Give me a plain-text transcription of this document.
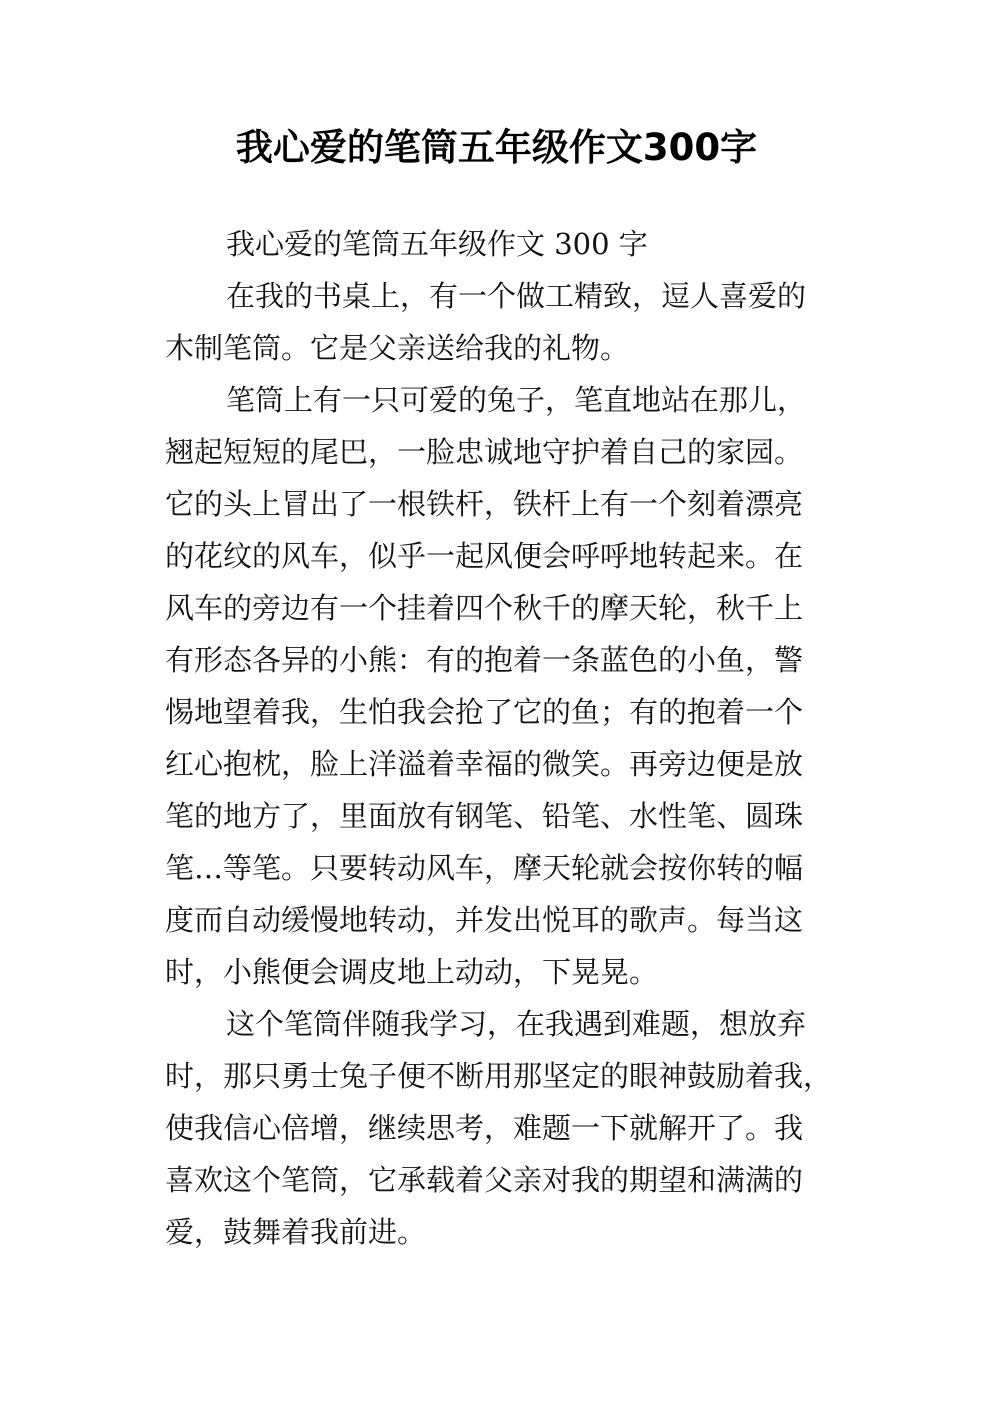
我心爱的笔筒五年级作文300字
我心爱的笔筒五年级作文 300 字
在我的书桌上，有一个做工精致，逗人喜爱的
木制笔筒。它是父亲送给我的礼物。
笔筒上有一只可爱的兔子，笔直地站在那儿，
翘起短短的尾巴，一脸忠诚地守护着自己的家园。
它的头上冒出了一根铁杆，铁杆上有一个刻着漂亮
的花纹的风车，似乎一起风便会呼呼地转起来。在
风车的旁边有一个挂着四个秋千的摩天轮，秋千上
有形态各异的小熊：有的抱着一条蓝色的小鱼，警
惕地望着我，生怕我会抢了它的鱼；有的抱着一个
红心抱枕，脸上洋溢着幸福的微笑。再旁边便是放
笔的地方了，里面放有钢笔、铅笔、水性笔、圆珠
笔…等笔。只要转动风车，摩天轮就会按你转的幅
度而自动缓慢地转动，并发出悦耳的歌声。每当这
时，小熊便会调皮地上动动，下晃晃。
这个笔筒伴随我学习，在我遇到难题，想放弃
时，那只勇士兔子便不断用那坚定的眼神鼓励着我，
使我信心倍增，继续思考，难题一下就解开了。我
喜欢这个笔筒，它承载着父亲对我的期望和满满的
爱，鼓舞着我前进。
